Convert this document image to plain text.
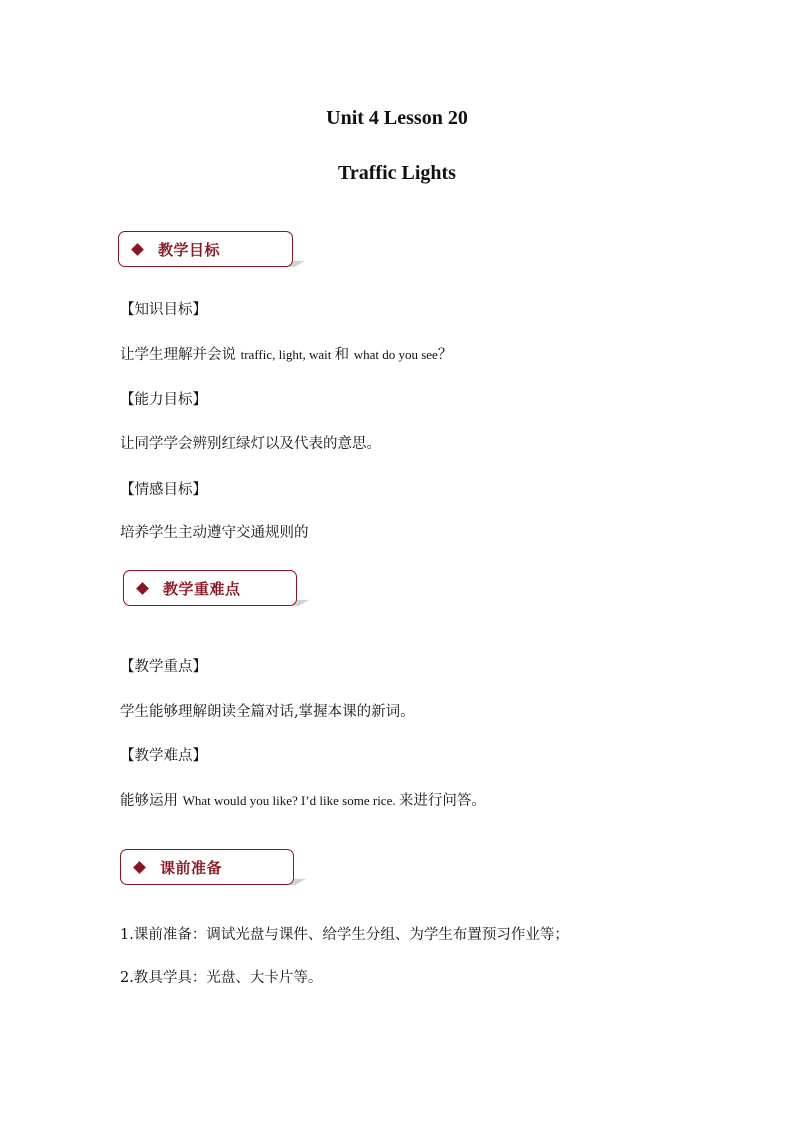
Unit 4 Lesson 20
Traffic Lights
教学目标
【知识目标】
让学生理解并会说 traffic, light, wait 和 what do you see？
【能力目标】
让同学学会辨别红绿灯以及代表的意思。
【情感目标】
培养学生主动遵守交通规则的
教学重难点
【教学重点】
学生能够理解朗读全篇对话,掌握本课的新词。
【教学难点】
能够运用 What would you like? I’d like some rice. 来进行问答。
课前准备
1.课前准备：调试光盘与课件、给学生分组、为学生布置预习作业等；
2.教具学具：光盘、大卡片等。
